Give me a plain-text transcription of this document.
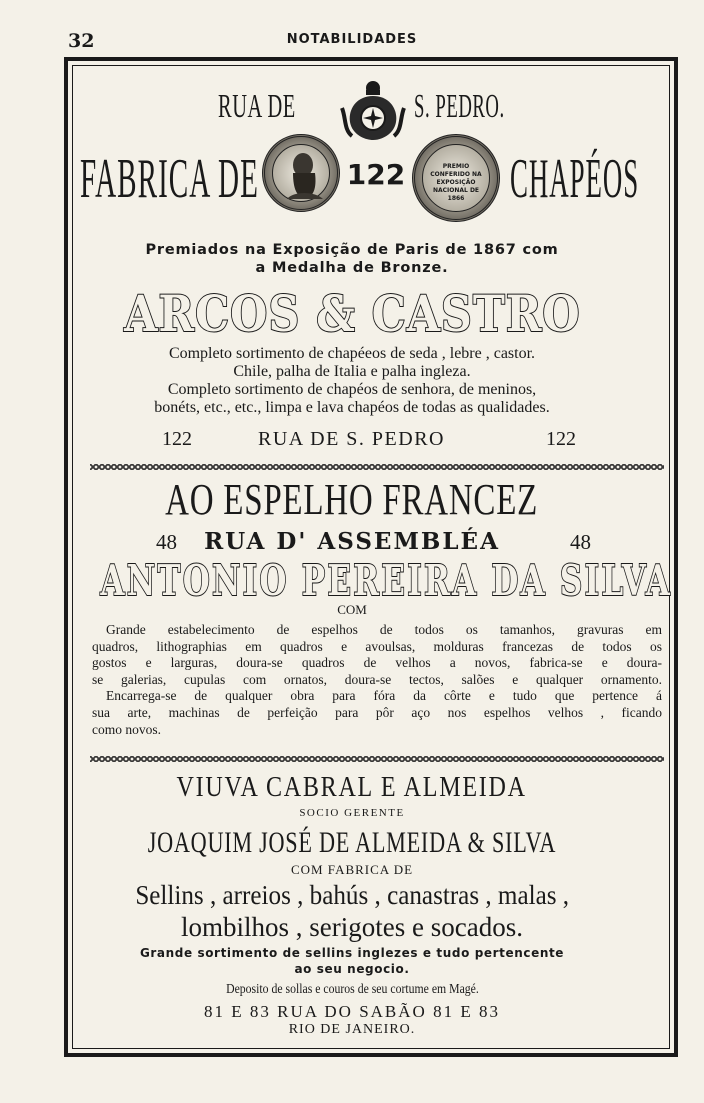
32	NOTABILIDADES
RUA DE	S. PEDRO.
FABRICA DE	122	PREMIO CONFERIDO NA EXPOSIÇÃO NACIONAL DE 1866 CHAPÉOS
Premiados na Exposição de Paris de 1867 com
a Medalha de Bronze.
ARCOS & CASTRO
Completo sortimento de chapéeos de seda , lebre , castor.
Chile, palha de Italia e palha ingleza.
Completo sortimento de chapéos de senhora, de meninos,
bonéts, etc., etc., limpa e lava chapéos de todas as qualidades.
122	RUA DE S. PEDRO	122
AO ESPELHO FRANCEZ
48	RUA D' ASSEMBLÉA	48
ANTONIO PEREIRA DA SILVA
COM
Grande estabelecimento de espelhos de todos os tamanhos, gravuras em
quadros, lithographias em quadros e avoulsas, molduras francezas de todos os
gostos e larguras, doura-se quadros de velhos a novos, fabrica-se e doura-
se galerias, cupulas com ornatos, doura-se tectos, salões e qualquer ornamento.
Encarrega-se de qualquer obra para fóra da côrte e tudo que pertence á
sua arte, machinas de perfeição para pôr aço nos espelhos velhos , ficando
como novos.
VIUVA CABRAL E ALMEIDA
SOCIO GERENTE
JOAQUIM JOSÉ DE ALMEIDA & SILVA
COM FABRICA DE
Sellins , arreios , bahús , canastras , malas ,
lombilhos , serigotes e socados.
Grande sortimento de sellins inglezes e tudo pertencente
ao seu negocio.
Deposito de sollas e couros de seu cortume em Magé.
81 E 83 RUA DO SABÃO 81 E 83
RIO DE JANEIRO.
